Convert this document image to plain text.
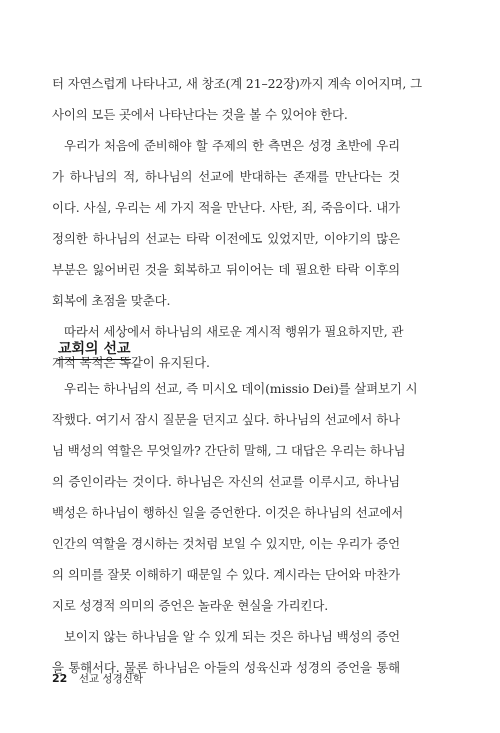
터 자연스럽게 나타나고, 새 창조(계 21–22장)까지 계속 이어지며, 그
사이의 모든 곳에서 나타난다는 것을 볼 수 있어야 한다.
우리가 처음에 준비해야 할 주제의 한 측면은 성경 초반에 우리
가 하나님의 적, 하나님의 선교에 반대하는 존재를 만난다는 것
이다. 사실, 우리는 세 가지 적을 만난다. 사탄, 죄, 죽음이다. 내가
정의한 하나님의 선교는 타락 이전에도 있었지만, 이야기의 많은
부분은 잃어버린 것을 회복하고 뒤이어는 데 필요한 타락 이후의
회복에 초점을 맞춘다.
따라서 세상에서 하나님의 새로운 계시적 행위가 필요하지만, 관
계적 목적은 똑같이 유지된다.
교회의 선교
우리는 하나님의 선교, 즉 미시오 데이(missio Dei)를 살펴보기 시
작했다. 여기서 잠시 질문을 던지고 싶다. 하나님의 선교에서 하나
님 백성의 역할은 무엇일까? 간단히 말해, 그 대답은 우리는 하나님
의 증인이라는 것이다. 하나님은 자신의 선교를 이루시고, 하나님
백성은 하나님이 행하신 일을 증언한다. 이것은 하나님의 선교에서
인간의 역할을 경시하는 것처럼 보일 수 있지만, 이는 우리가 증언
의 의미를 잘못 이해하기 때문일 수 있다. 계시라는 단어와 마찬가
지로 성경적 의미의 증언은 놀라운 현실을 가리킨다.
보이지 않는 하나님을 알 수 있게 되는 것은 하나님 백성의 증언
을 통해서다. 물론 하나님은 아들의 성육신과 성경의 증언을 통해
22 선교 성경신학
